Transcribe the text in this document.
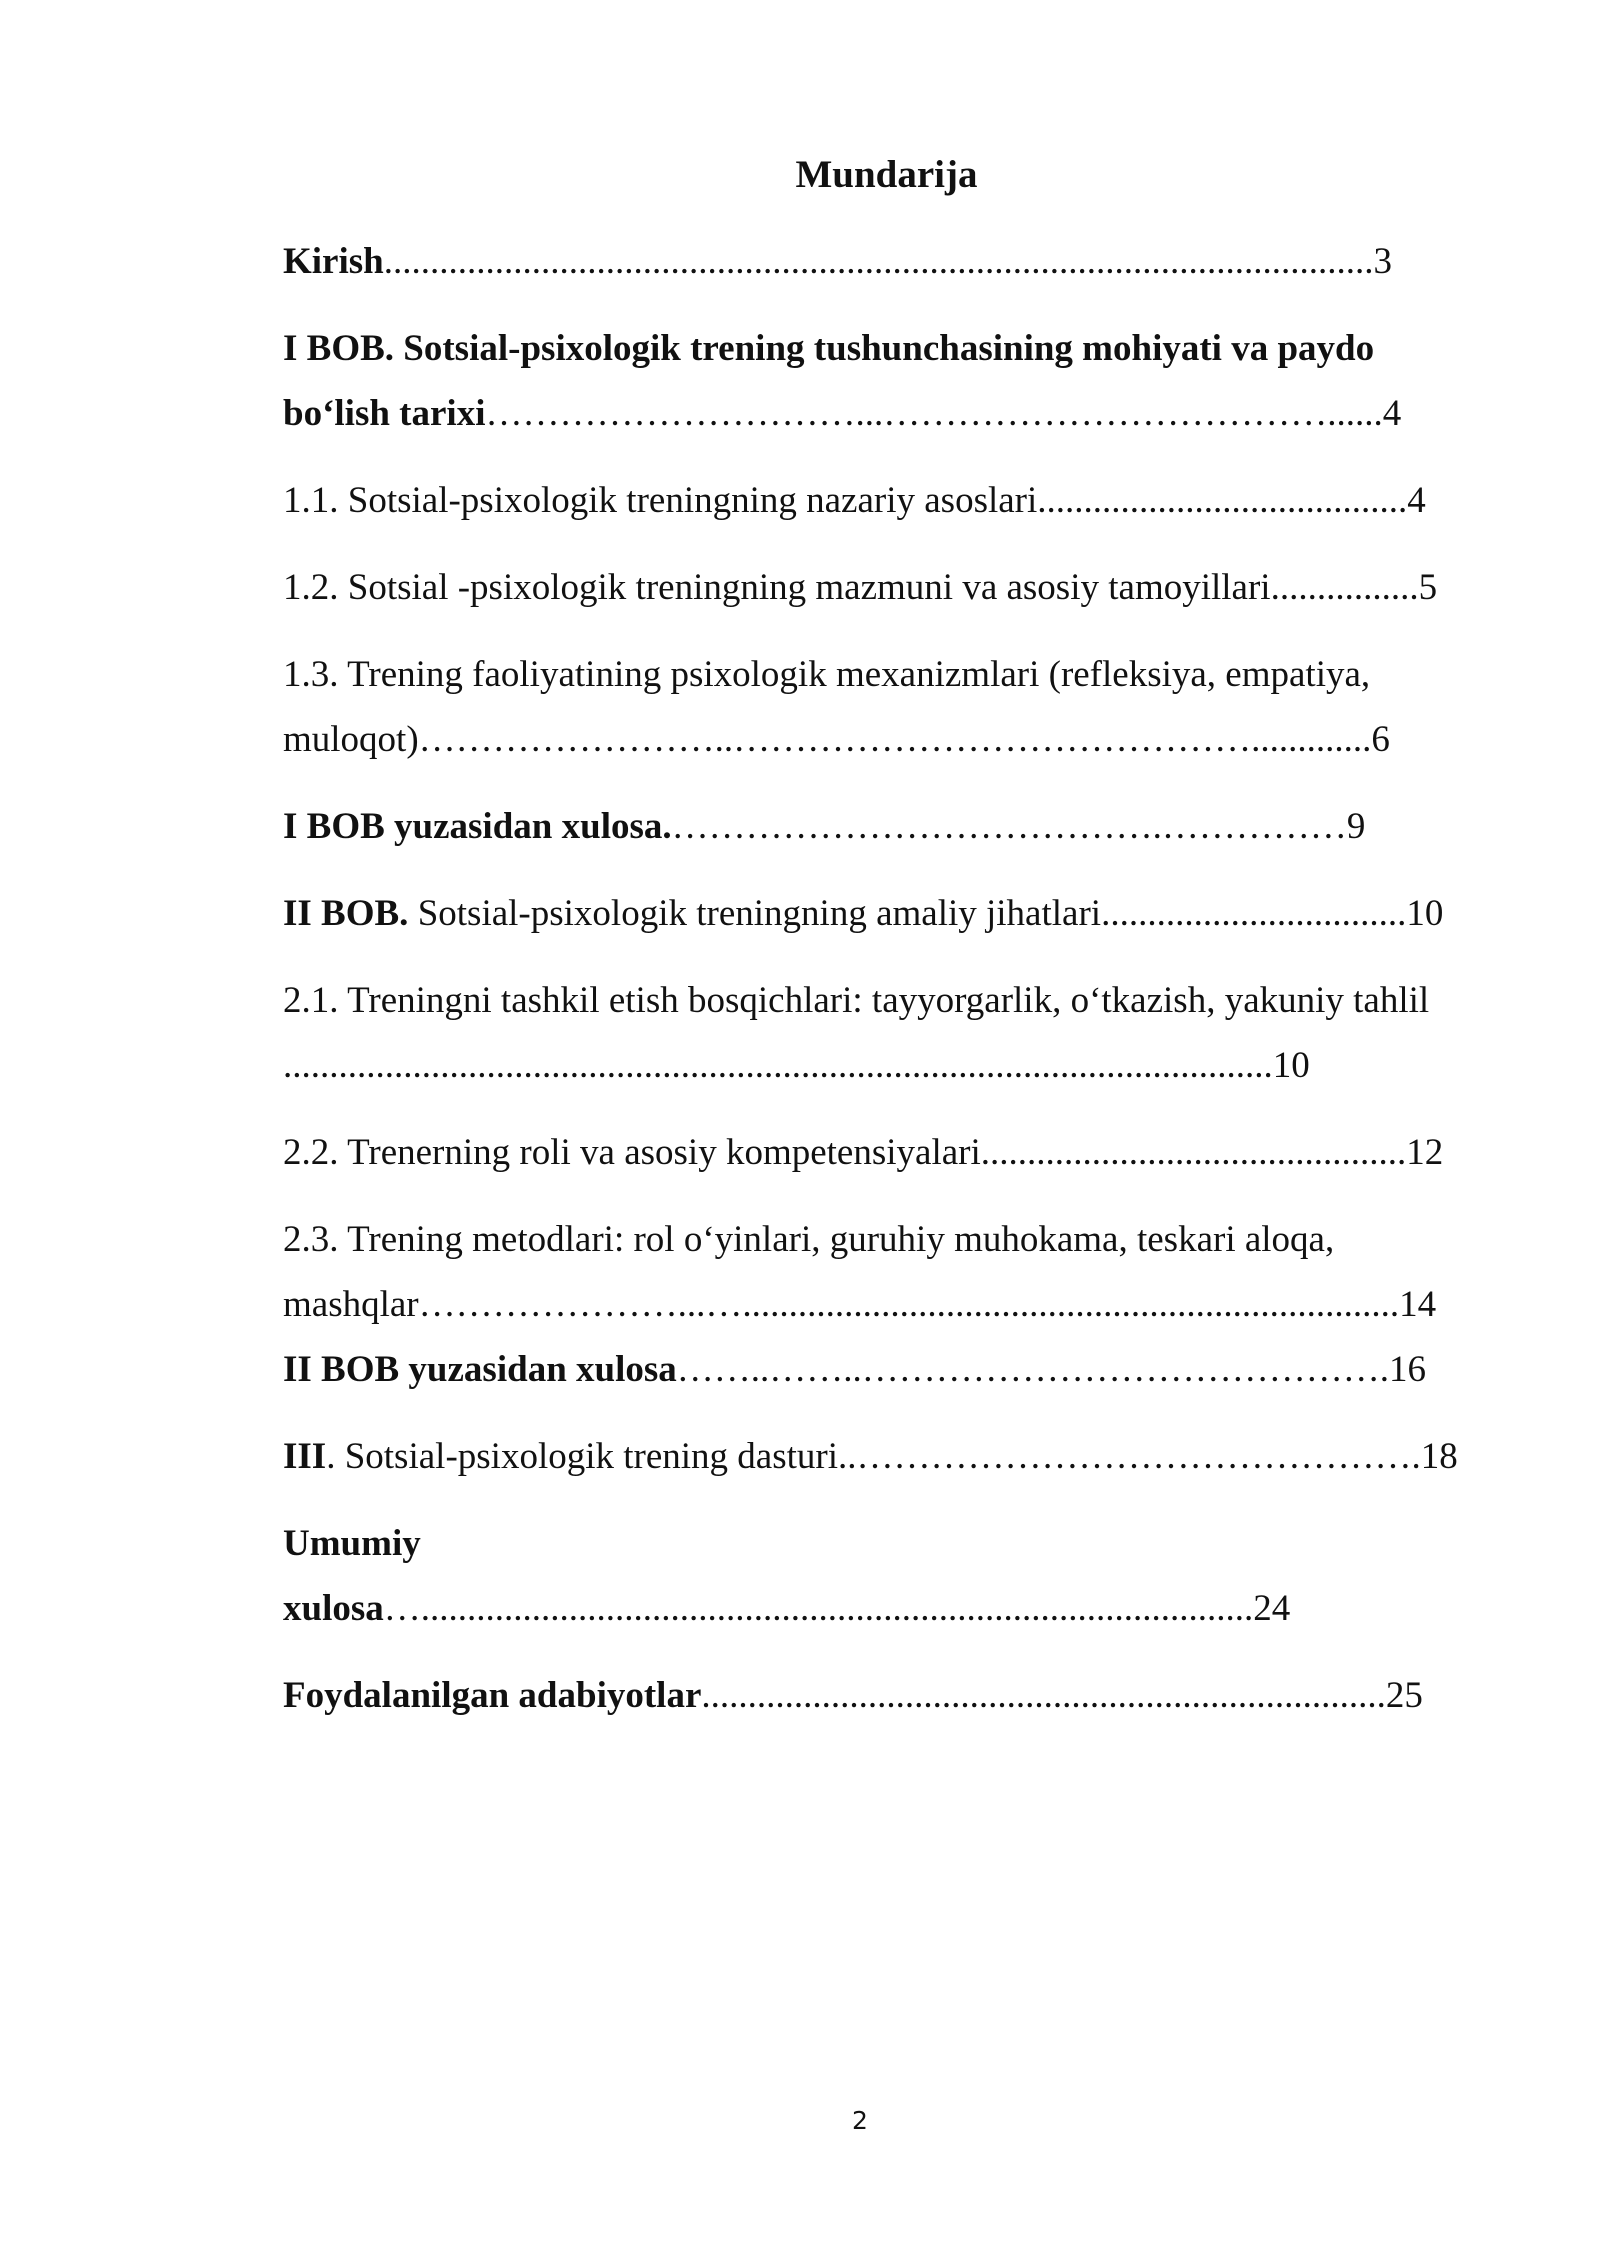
Mundarija
Kirish...........................................................................................................3
I BOB. Sotsial-psixologik trening tushunchasining mohiyati va paydo
bo‘lish tarixi…………………………...………………………………......4
1.1. Sotsial-psixologik treningning nazariy asoslari........................................4
1.2. Sotsial -psixologik treningning mazmuni va asosiy tamoyillari................5
1.3. Trening faoliyatining psixologik mexanizmlari (refleksiya, empatiya,
muloqot)……………………..…………………………………….............6
I BOB yuzasidan xulosa.………………………………….……………9
II BOB. Sotsial-psixologik treningning amaliy jihatlari.................................10
2.1. Treningni tashkil etish bosqichlari: tayyorgarlik, o‘tkazish, yakuniy tahlil
...........................................................................................................10
2.2. Trenerning roli va asosiy kompetensiyalari..............................................12
2.3. Trening metodlari: rol o‘yinlari, guruhiy muhokama, teskari aloqa,
mashqlar…………………...….......................................................................14
II BOB yuzasidan xulosa……..……..…………………………………….16
III. Sotsial-psixologik trening dasturi..……………………………………….18
Umumiy
xulosa…..........................................................................................24
Foydalanilgan adabiyotlar..........................................................................25
2
